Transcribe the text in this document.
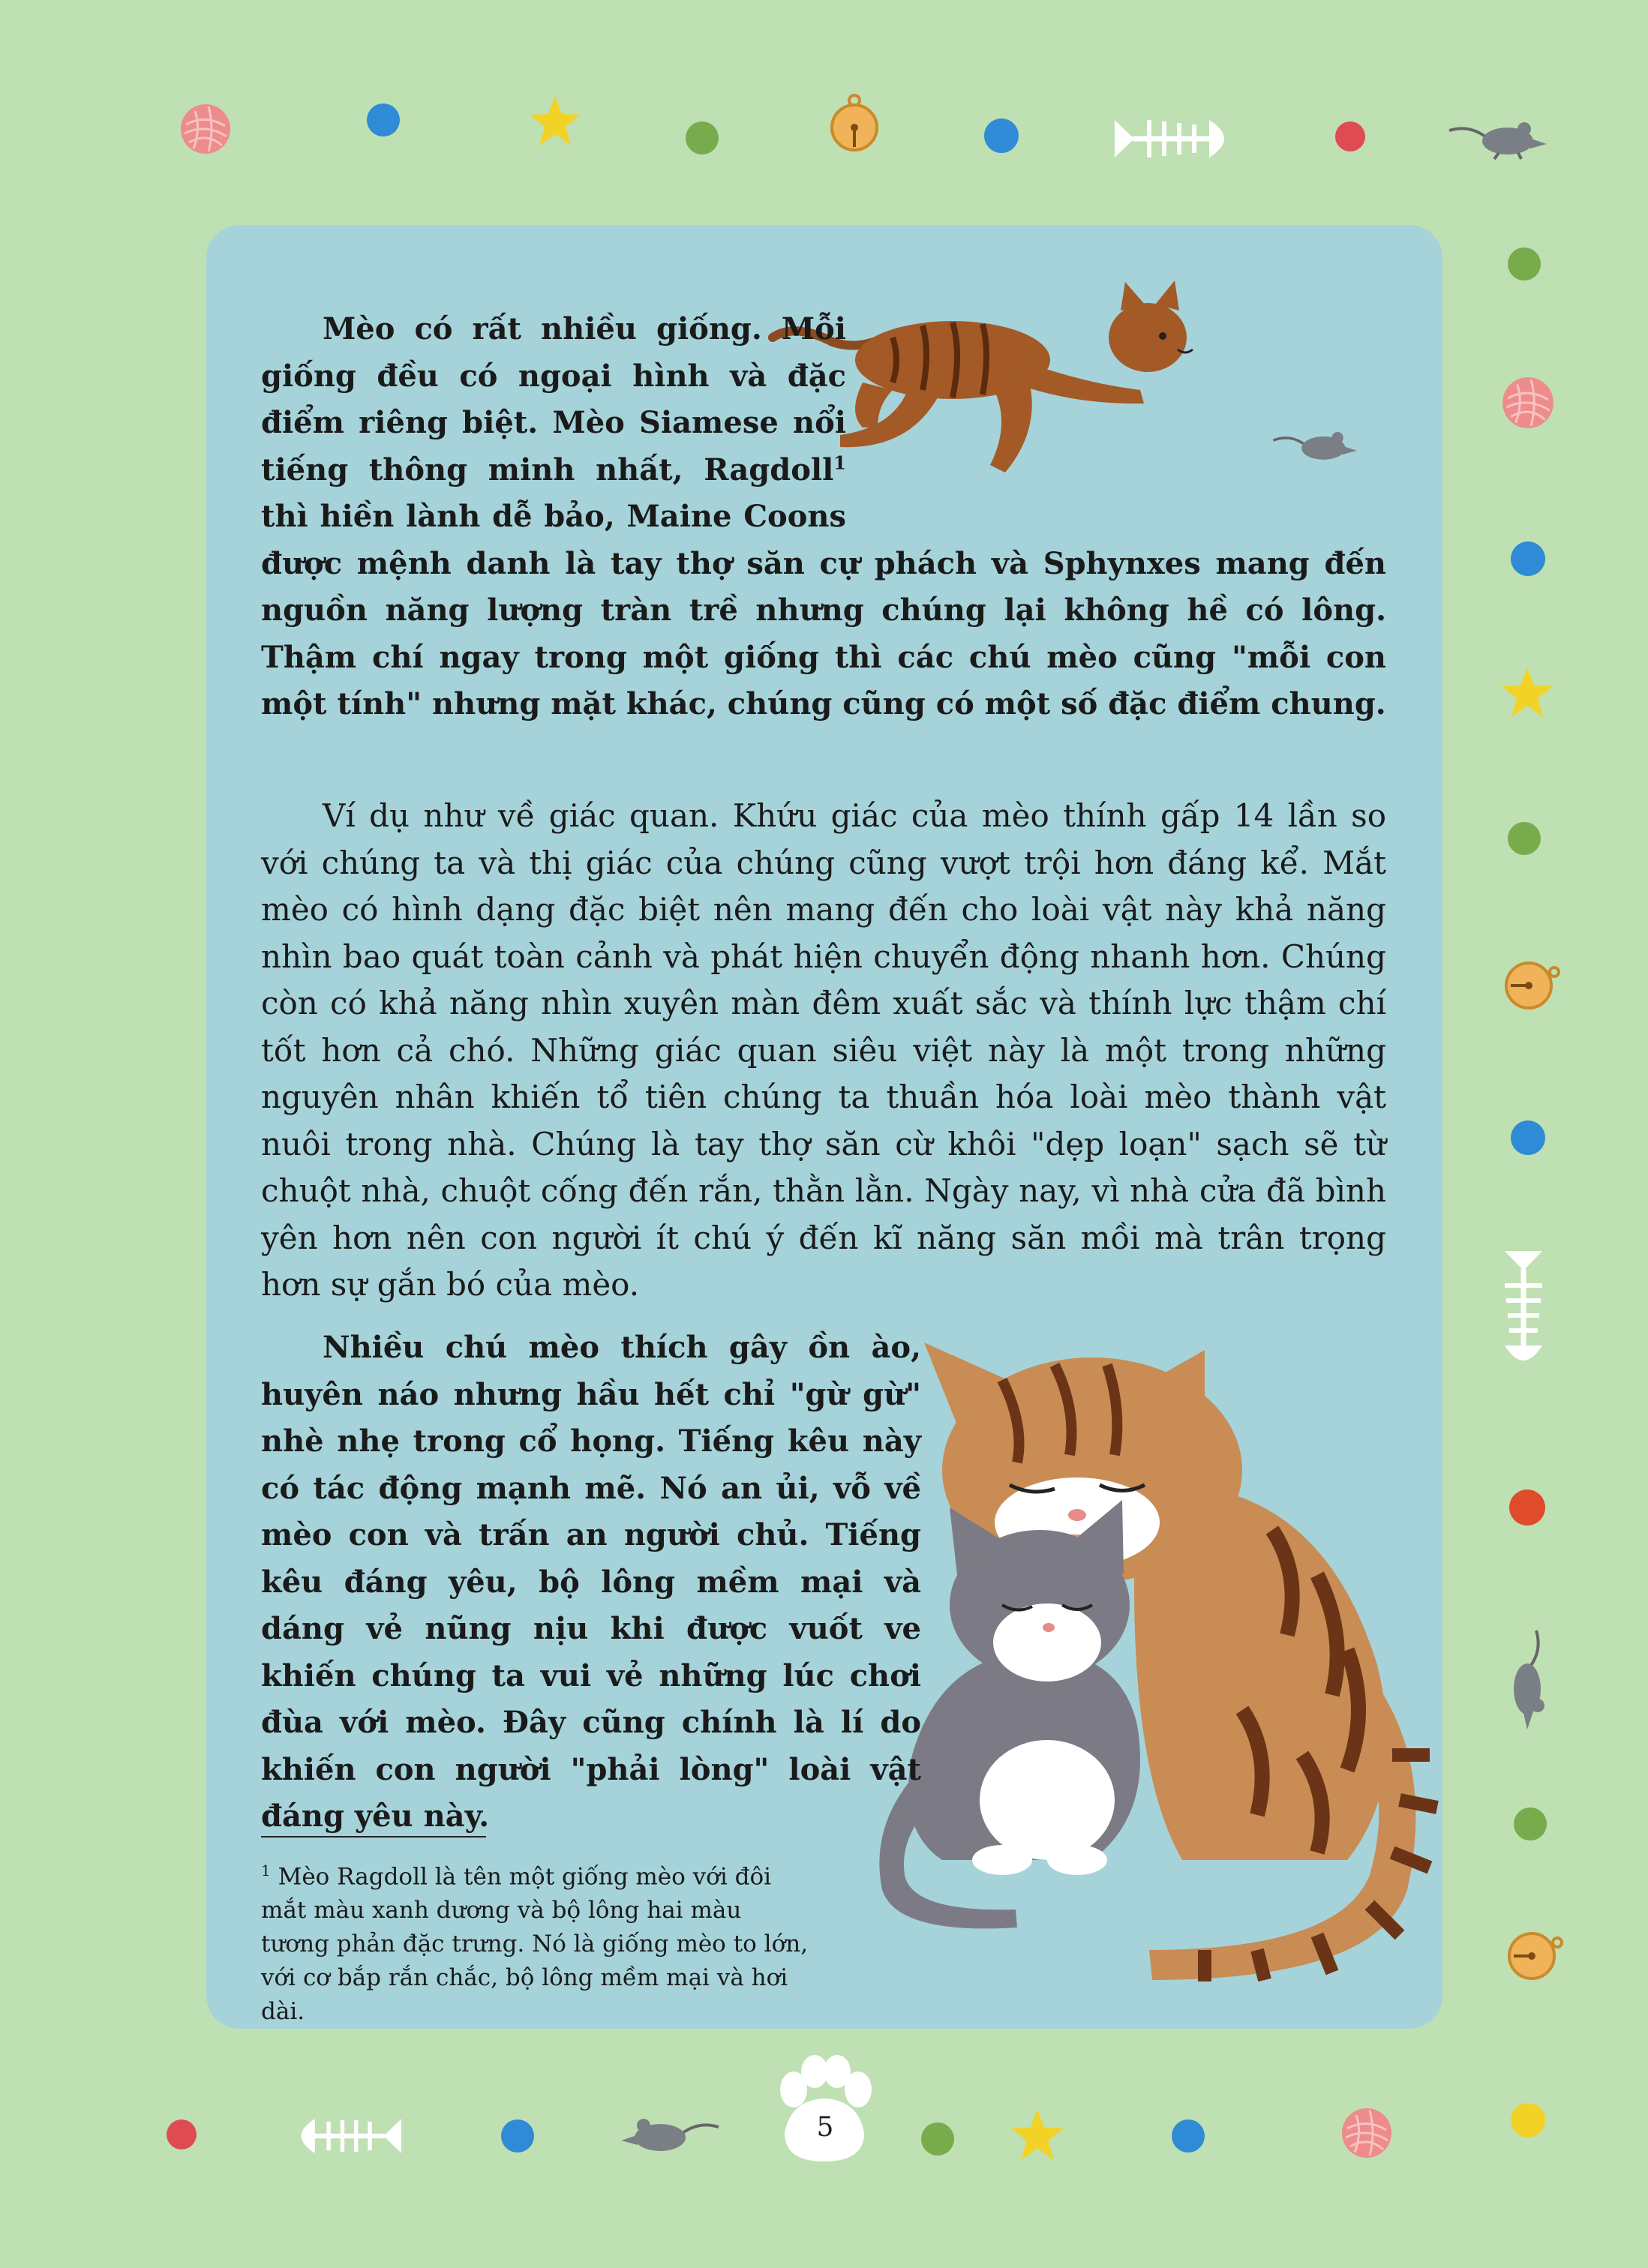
Mèo có rất nhiều giống. Mỗi giống đều có ngoại hình và đặc điểm riêng biệt. Mèo Siamese nổi tiếng thông minh nhất, Ragdoll$^1$ thì hiền lành dễ bảo, Maine Coons được mệnh danh là tay thợ săn cự phách và Sphynxes mang đến nguồn năng lượng tràn trề nhưng chúng lại không hề có lông. Thậm chí ngay trong một giống thì các chú mèo cũng "mỗi con một tính" nhưng mặt khác, chúng cũng có một số đặc điểm chung.

Ví dụ như về giác quan. Khứu giác của mèo thính gấp 14 lần so với chúng ta và thị giác của chúng cũng vượt trội hơn đáng kể. Mắt mèo có hình dạng đặc biệt nên mang đến cho loài vật này khả năng nhìn bao quát toàn cảnh và phát hiện chuyển động nhanh hơn. Chúng còn có khả năng nhìn xuyên màn đêm xuất sắc và thính lực thậm chí tốt hơn cả chó. Những giác quan siêu việt này là một trong những nguyên nhân khiến tổ tiên chúng ta thuần hóa loài mèo thành vật nuôi trong nhà. Chúng là tay thợ săn cừ khôi "dẹp loạn" sạch sẽ từ chuột nhà, chuột cống đến rắn, thằn lằn. Ngày nay, vì nhà cửa đã bình yên hơn nên con người ít chú ý đến kĩ năng săn mồi mà trân trọng hơn sự gắn bó của mèo.

Nhiều chú mèo thích gây ồn ào, huyên náo nhưng hầu hết chỉ "gừ gừ" nhè nhẹ trong cổ họng. Tiếng kêu này có tác động mạnh mẽ. Nó an ủi, vỗ về mèo con và trấn an người chủ. Tiếng kêu đáng yêu, bộ lông mềm mại và dáng vẻ nũng nịu khi được vuốt ve khiến chúng ta vui vẻ những lúc chơi đùa với mèo. Đây cũng chính là lí do khiến con người "phải lòng" loài vật đáng yêu này.

$^1$ Mèo Ragdoll là tên một giống mèo với đôi mắt màu xanh dương và bộ lông hai màu tương phản đặc trưng. Nó là giống mèo to lớn, với cơ bắp rắn chắc, bộ lông mềm mại và hơi dài.

5
